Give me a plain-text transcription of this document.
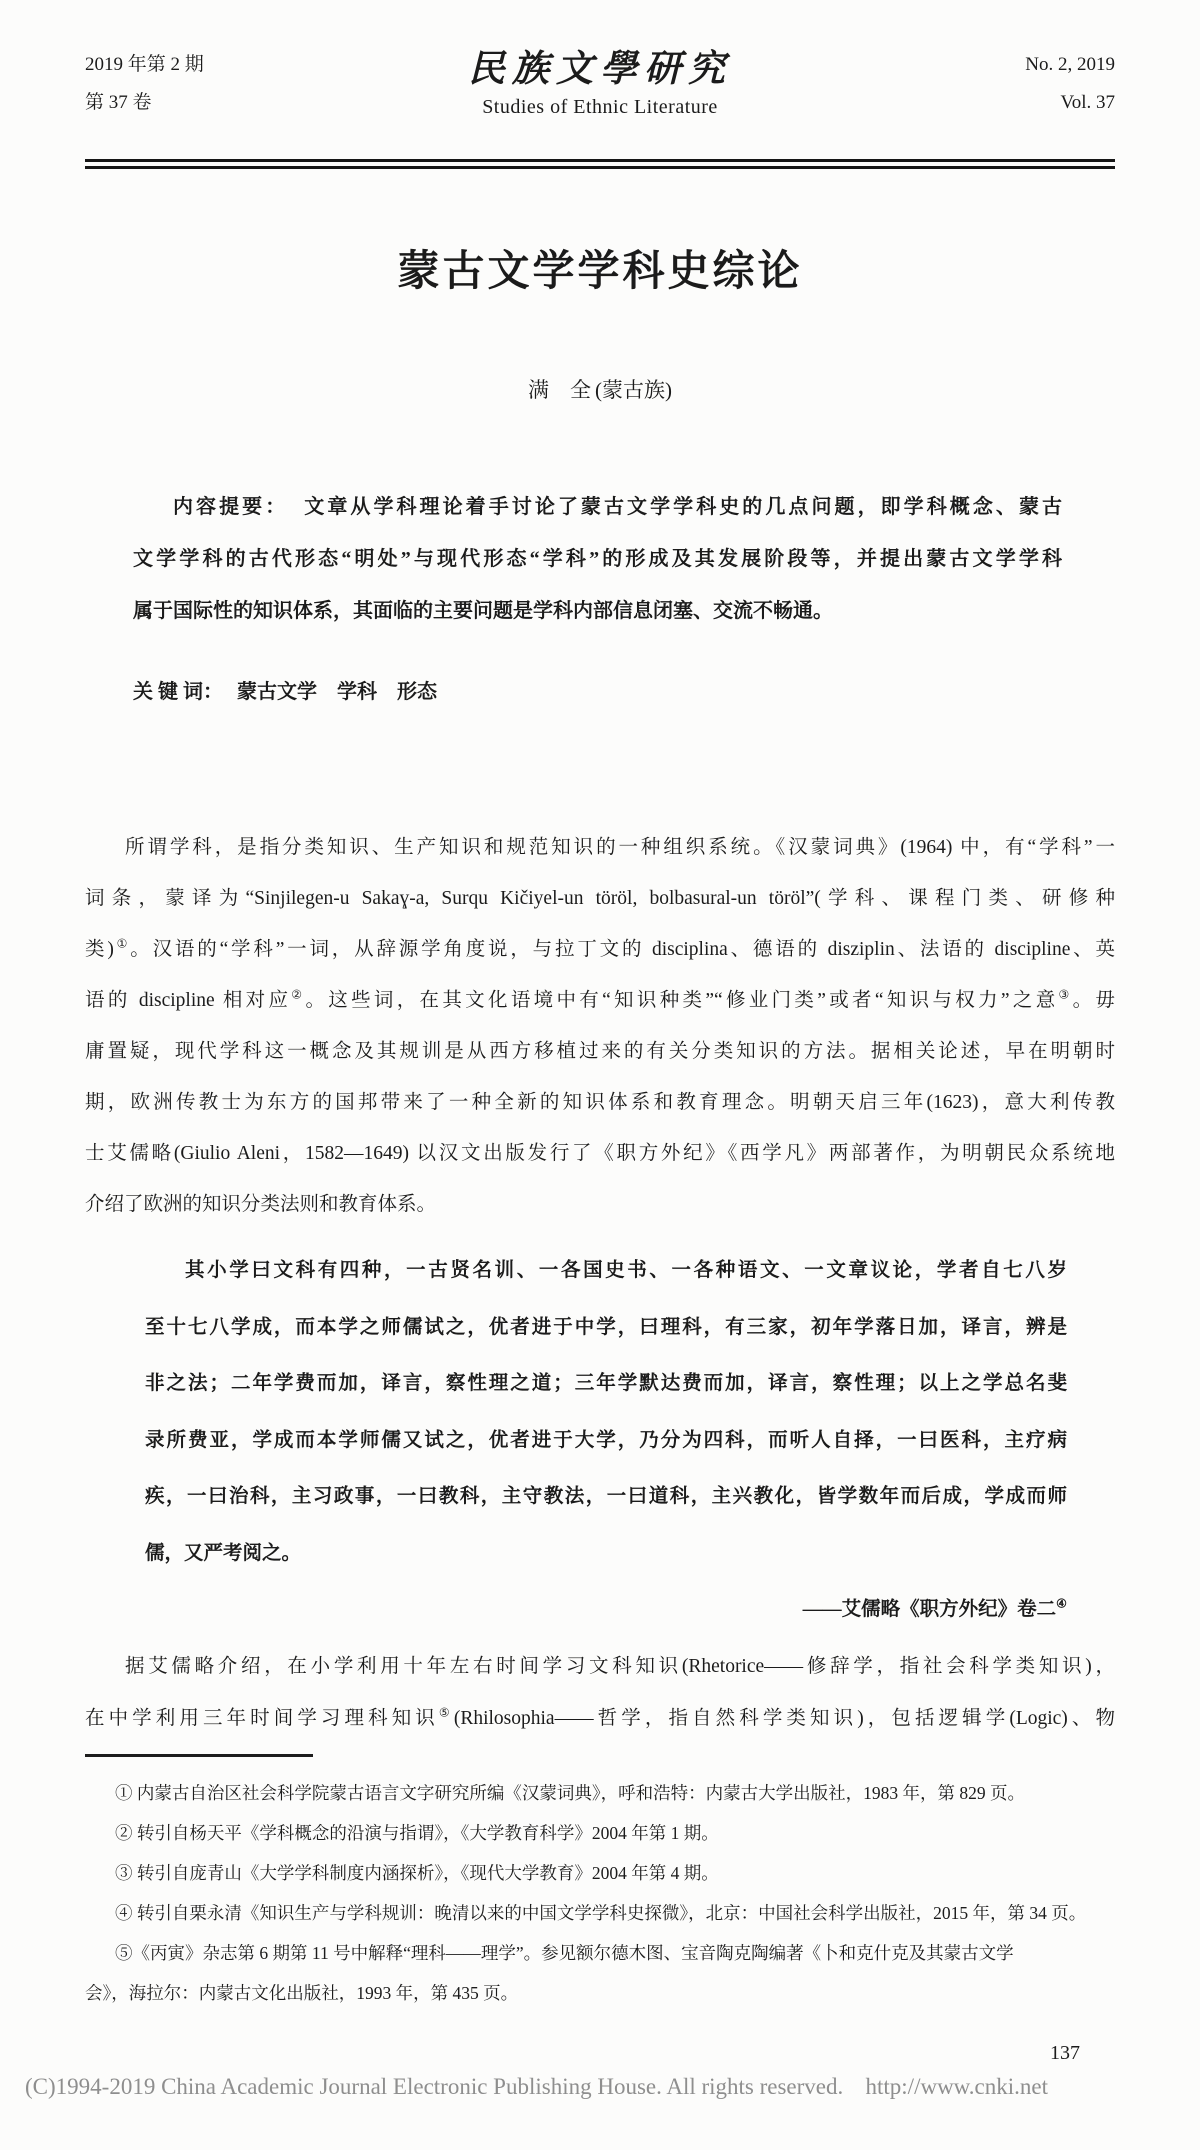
2019 年第 2 期
第 37 卷
民族文學研究
Studies of Ethnic Literature
No. 2, 2019
Vol. 37
蒙古文学学科史综论
满　全 (蒙古族)
内容提要： 文章从学科理论着手讨论了蒙古文学学科史的几点问题，即学科概念、蒙古
文学学科的古代形态“明处”与现代形态“学科”的形成及其发展阶段等，并提出蒙古文学学科
属于国际性的知识体系，其面临的主要问题是学科内部信息闭塞、交流不畅通。
关 键 词： 蒙古文学　学科　形态
所谓学科，是指分类知识、生产知识和规范知识的一种组织系统。《汉蒙词典》(1964) 中，有“学科”一
词条，蒙译为“Sinjilegen-u Sakaɣ-a, Surqu Kičiyel-un töröl, bolbasural-un töröl”(学科、课程门类、研修种
类)①。汉语的“学科”一词，从辞源学角度说，与拉丁文的 disciplina、德语的 disziplin、法语的 discipline、英
语的 discipline 相对应②。这些词，在其文化语境中有“知识种类”“修业门类”或者“知识与权力”之意③。毋
庸置疑，现代学科这一概念及其规训是从西方移植过来的有关分类知识的方法。据相关论述，早在明朝时
期，欧洲传教士为东方的国邦带来了一种全新的知识体系和教育理念。明朝天启三年(1623)，意大利传教
士艾儒略(Giulio Aleni，1582—1649) 以汉文出版发行了《职方外纪》《西学凡》两部著作，为明朝民众系统地
介绍了欧洲的知识分类法则和教育体系。
其小学曰文科有四种，一古贤名训、一各国史书、一各种语文、一文章议论，学者自七八岁
至十七八学成，而本学之师儒试之，优者进于中学，曰理科，有三家，初年学落日加，译言，辨是
非之法；二年学费而加，译言，察性理之道；三年学默达费而加，译言，察性理；以上之学总名斐
录所费亚，学成而本学师儒又试之，优者进于大学，乃分为四科，而听人自择，一曰医科，主疗病
疾，一曰治科，主习政事，一曰教科，主守教法，一曰道科，主兴教化，皆学数年而后成，学成而师
儒，又严考阅之。
——艾儒略《职方外纪》卷二④
据艾儒略介绍，在小学利用十年左右时间学习文科知识(Rhetorice——修辞学，指社会科学类知识)，
在中学利用三年时间学习理科知识⑤(Rhilosophia——哲学，指自然科学类知识)，包括逻辑学(Logic)、物
① 内蒙古自治区社会科学院蒙古语言文字研究所编《汉蒙词典》，呼和浩特：内蒙古大学出版社，1983 年，第 829 页。
② 转引自杨天平《学科概念的沿演与指谓》，《大学教育科学》2004 年第 1 期。
③ 转引自庞青山《大学学科制度内涵探析》，《现代大学教育》2004 年第 4 期。
④ 转引自栗永清《知识生产与学科规训：晚清以来的中国文学学科史探微》，北京：中国社会科学出版社，2015 年，第 34 页。
⑤《丙寅》杂志第 6 期第 11 号中解释“理科——理学”。参见额尔德木图、宝音陶克陶编著《卜和克什克及其蒙古文学
会》，海拉尔：内蒙古文化出版社，1993 年，第 435 页。
137
(C)1994-2019 China Academic Journal Electronic Publishing House. All rights reserved. http://www.cnki.net
